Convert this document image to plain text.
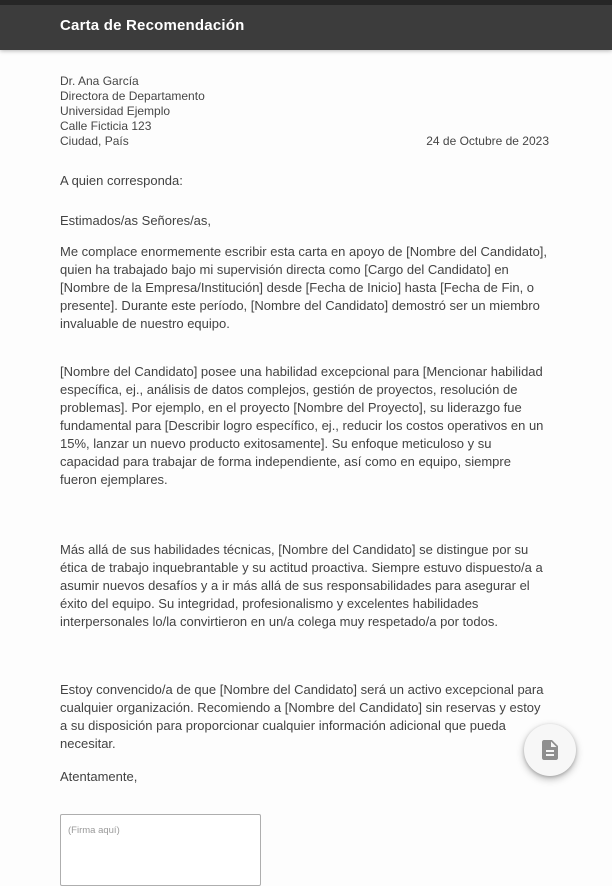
Carta de Recomendación
Dr. Ana García
Directora de Departamento
Universidad Ejemplo
Calle Ficticia 123
Ciudad, País	24 de Octubre de 2023

A quien corresponda:

Estimados/as Señores/as,

Me complace enormemente escribir esta carta en apoyo de [Nombre del Candidato], quien ha trabajado bajo mi supervisión directa como [Cargo del Candidato] en [Nombre de la Empresa/Institución] desde [Fecha de Inicio] hasta [Fecha de Fin, o presente]. Durante este período, [Nombre del Candidato] demostró ser un miembro invaluable de nuestro equipo.

[Nombre del Candidato] posee una habilidad excepcional para [Mencionar habilidad específica, ej., análisis de datos complejos, gestión de proyectos, resolución de problemas]. Por ejemplo, en el proyecto [Nombre del Proyecto], su liderazgo fue fundamental para [Describir logro específico, ej., reducir los costos operativos en un 15%, lanzar un nuevo producto exitosamente]. Su enfoque meticuloso y su capacidad para trabajar de forma independiente, así como en equipo, siempre fueron ejemplares.

Más allá de sus habilidades técnicas, [Nombre del Candidato] se distingue por su ética de trabajo inquebrantable y su actitud proactiva. Siempre estuvo dispuesto/a a asumir nuevos desafíos y a ir más allá de sus responsabilidades para asegurar el éxito del equipo. Su integridad, profesionalismo y excelentes habilidades interpersonales lo/la convirtieron en un/a colega muy respetado/a por todos.

Estoy convencido/a de que [Nombre del Candidato] será un activo excepcional para cualquier organización. Recomiendo a [Nombre del Candidato] sin reservas y estoy a su disposición para proporcionar cualquier información adicional que pueda necesitar.

Atentamente,

(Firma aquí)
